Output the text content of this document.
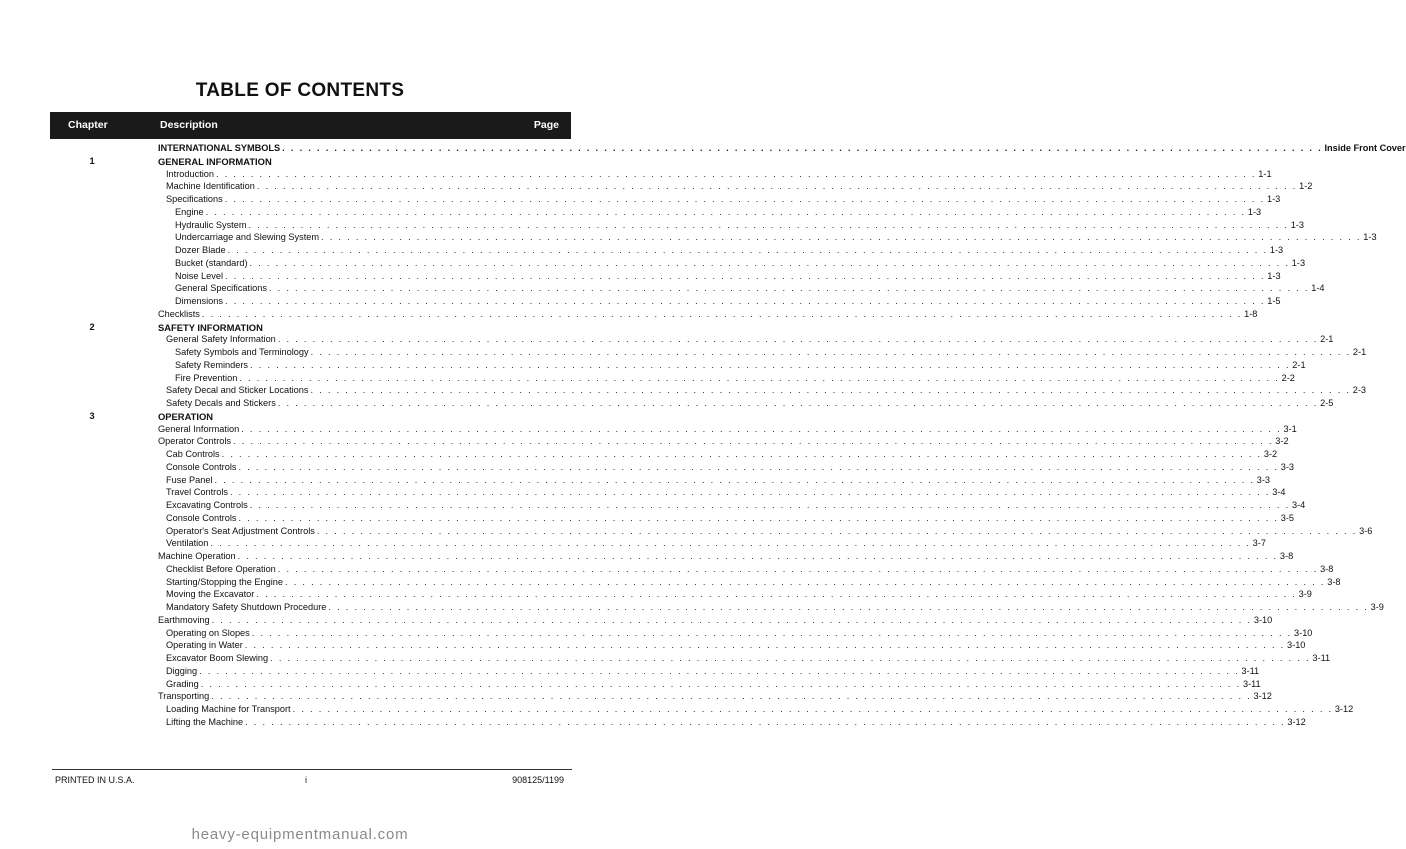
TABLE OF CONTENTS
Chapter	Description	Page
INTERNATIONAL SYMBOLS . . . . . . . . . . . . . . . . . . . . . . . . . . . . . . . . . . . . . . . . . . . . . . . . . . . . . . . . . . . . . . . . . . . . . . . . . . . . . . . . . . . . . . . . . . . . . . . . . . . . . . . . . . . . . . . . . . . . . . . . Inside Front Cover
1	GENERAL INFORMATION
Introduction . . . . . . . . . . . . . . . . . . . . . . . . . . . . . . . . . . . . . . . . . . . . . . . . . . . . . . . . . . . . . . . . . . . . . . . . . . . . . . . . . . . . . . . . . . . . . . . . . . . . . . . . . . . . . . . . . . . . . . . . 1-1
Machine Identification . . . . . . . . . . . . . . . . . . . . . . . . . . . . . . . . . . . . . . . . . . . . . . . . . . . . . . . . . . . . . . . . . . . . . . . . . . . . . . . . . . . . . . . . . . . . . . . . . . . . . . . . . . . . . . . . . . . . . . . . 1-2
Specifications . . . . . . . . . . . . . . . . . . . . . . . . . . . . . . . . . . . . . . . . . . . . . . . . . . . . . . . . . . . . . . . . . . . . . . . . . . . . . . . . . . . . . . . . . . . . . . . . . . . . . . . . . . . . . . . . . . . . . . . . 1-3
Engine . . . . . . . . . . . . . . . . . . . . . . . . . . . . . . . . . . . . . . . . . . . . . . . . . . . . . . . . . . . . . . . . . . . . . . . . . . . . . . . . . . . . . . . . . . . . . . . . . . . . . . . . . . . . . . . . . . . . . . . . 1-3
Hydraulic System . . . . . . . . . . . . . . . . . . . . . . . . . . . . . . . . . . . . . . . . . . . . . . . . . . . . . . . . . . . . . . . . . . . . . . . . . . . . . . . . . . . . . . . . . . . . . . . . . . . . . . . . . . . . . . . . . . . . . . . . 1-3
Undercarriage and Slewing System . . . . . . . . . . . . . . . . . . . . . . . . . . . . . . . . . . . . . . . . . . . . . . . . . . . . . . . . . . . . . . . . . . . . . . . . . . . . . . . . . . . . . . . . . . . . . . . . . . . . . . . . . . . . . . . . . . . . . . . . 1-3
Dozer Blade . . . . . . . . . . . . . . . . . . . . . . . . . . . . . . . . . . . . . . . . . . . . . . . . . . . . . . . . . . . . . . . . . . . . . . . . . . . . . . . . . . . . . . . . . . . . . . . . . . . . . . . . . . . . . . . . . . . . . . . . 1-3
Bucket (standard) . . . . . . . . . . . . . . . . . . . . . . . . . . . . . . . . . . . . . . . . . . . . . . . . . . . . . . . . . . . . . . . . . . . . . . . . . . . . . . . . . . . . . . . . . . . . . . . . . . . . . . . . . . . . . . . . . . . . . . . . 1-3
Noise Level . . . . . . . . . . . . . . . . . . . . . . . . . . . . . . . . . . . . . . . . . . . . . . . . . . . . . . . . . . . . . . . . . . . . . . . . . . . . . . . . . . . . . . . . . . . . . . . . . . . . . . . . . . . . . . . . . . . . . . . . 1-3
General Specifications . . . . . . . . . . . . . . . . . . . . . . . . . . . . . . . . . . . . . . . . . . . . . . . . . . . . . . . . . . . . . . . . . . . . . . . . . . . . . . . . . . . . . . . . . . . . . . . . . . . . . . . . . . . . . . . . . . . . . . . . 1-4
Dimensions . . . . . . . . . . . . . . . . . . . . . . . . . . . . . . . . . . . . . . . . . . . . . . . . . . . . . . . . . . . . . . . . . . . . . . . . . . . . . . . . . . . . . . . . . . . . . . . . . . . . . . . . . . . . . . . . . . . . . . . . 1-5
Checklists . . . . . . . . . . . . . . . . . . . . . . . . . . . . . . . . . . . . . . . . . . . . . . . . . . . . . . . . . . . . . . . . . . . . . . . . . . . . . . . . . . . . . . . . . . . . . . . . . . . . . . . . . . . . . . . . . . . . . . . . 1-8
2	SAFETY INFORMATION
General Safety Information . . . . . . . . . . . . . . . . . . . . . . . . . . . . . . . . . . . . . . . . . . . . . . . . . . . . . . . . . . . . . . . . . . . . . . . . . . . . . . . . . . . . . . . . . . . . . . . . . . . . . . . . . . . . . . . . . . . . . . . . 2-1
Safety Symbols and Terminology . . . . . . . . . . . . . . . . . . . . . . . . . . . . . . . . . . . . . . . . . . . . . . . . . . . . . . . . . . . . . . . . . . . . . . . . . . . . . . . . . . . . . . . . . . . . . . . . . . . . . . . . . . . . . . . . . . . . . . . . 2-1
Safety Reminders . . . . . . . . . . . . . . . . . . . . . . . . . . . . . . . . . . . . . . . . . . . . . . . . . . . . . . . . . . . . . . . . . . . . . . . . . . . . . . . . . . . . . . . . . . . . . . . . . . . . . . . . . . . . . . . . . . . . . . . . 2-1
Fire Prevention . . . . . . . . . . . . . . . . . . . . . . . . . . . . . . . . . . . . . . . . . . . . . . . . . . . . . . . . . . . . . . . . . . . . . . . . . . . . . . . . . . . . . . . . . . . . . . . . . . . . . . . . . . . . . . . . . . . . . . . . 2-2
Safety Decal and Sticker Locations . . . . . . . . . . . . . . . . . . . . . . . . . . . . . . . . . . . . . . . . . . . . . . . . . . . . . . . . . . . . . . . . . . . . . . . . . . . . . . . . . . . . . . . . . . . . . . . . . . . . . . . . . . . . . . . . . . . . . . . . 2-3
Safety Decals and Stickers . . . . . . . . . . . . . . . . . . . . . . . . . . . . . . . . . . . . . . . . . . . . . . . . . . . . . . . . . . . . . . . . . . . . . . . . . . . . . . . . . . . . . . . . . . . . . . . . . . . . . . . . . . . . . . . . . . . . . . . . 2-5
3	OPERATION
General Information . . . . . . . . . . . . . . . . . . . . . . . . . . . . . . . . . . . . . . . . . . . . . . . . . . . . . . . . . . . . . . . . . . . . . . . . . . . . . . . . . . . . . . . . . . . . . . . . . . . . . . . . . . . . . . . . . . . . . . . . 3-1
Operator Controls . . . . . . . . . . . . . . . . . . . . . . . . . . . . . . . . . . . . . . . . . . . . . . . . . . . . . . . . . . . . . . . . . . . . . . . . . . . . . . . . . . . . . . . . . . . . . . . . . . . . . . . . . . . . . . . . . . . . . . . . 3-2
Cab Controls . . . . . . . . . . . . . . . . . . . . . . . . . . . . . . . . . . . . . . . . . . . . . . . . . . . . . . . . . . . . . . . . . . . . . . . . . . . . . . . . . . . . . . . . . . . . . . . . . . . . . . . . . . . . . . . . . . . . . . . . 3-2
Console Controls . . . . . . . . . . . . . . . . . . . . . . . . . . . . . . . . . . . . . . . . . . . . . . . . . . . . . . . . . . . . . . . . . . . . . . . . . . . . . . . . . . . . . . . . . . . . . . . . . . . . . . . . . . . . . . . . . . . . . . . . 3-3
Fuse Panel . . . . . . . . . . . . . . . . . . . . . . . . . . . . . . . . . . . . . . . . . . . . . . . . . . . . . . . . . . . . . . . . . . . . . . . . . . . . . . . . . . . . . . . . . . . . . . . . . . . . . . . . . . . . . . . . . . . . . . . . 3-3
Travel Controls . . . . . . . . . . . . . . . . . . . . . . . . . . . . . . . . . . . . . . . . . . . . . . . . . . . . . . . . . . . . . . . . . . . . . . . . . . . . . . . . . . . . . . . . . . . . . . . . . . . . . . . . . . . . . . . . . . . . . . . . 3-4
Excavating Controls . . . . . . . . . . . . . . . . . . . . . . . . . . . . . . . . . . . . . . . . . . . . . . . . . . . . . . . . . . . . . . . . . . . . . . . . . . . . . . . . . . . . . . . . . . . . . . . . . . . . . . . . . . . . . . . . . . . . . . . . 3-4
Console Controls . . . . . . . . . . . . . . . . . . . . . . . . . . . . . . . . . . . . . . . . . . . . . . . . . . . . . . . . . . . . . . . . . . . . . . . . . . . . . . . . . . . . . . . . . . . . . . . . . . . . . . . . . . . . . . . . . . . . . . . . 3-5
Operator's Seat Adjustment Controls . . . . . . . . . . . . . . . . . . . . . . . . . . . . . . . . . . . . . . . . . . . . . . . . . . . . . . . . . . . . . . . . . . . . . . . . . . . . . . . . . . . . . . . . . . . . . . . . . . . . . . . . . . . . . . . . . . . . . . . . 3-6
Ventilation . . . . . . . . . . . . . . . . . . . . . . . . . . . . . . . . . . . . . . . . . . . . . . . . . . . . . . . . . . . . . . . . . . . . . . . . . . . . . . . . . . . . . . . . . . . . . . . . . . . . . . . . . . . . . . . . . . . . . . . . 3-7
Machine Operation . . . . . . . . . . . . . . . . . . . . . . . . . . . . . . . . . . . . . . . . . . . . . . . . . . . . . . . . . . . . . . . . . . . . . . . . . . . . . . . . . . . . . . . . . . . . . . . . . . . . . . . . . . . . . . . . . . . . . . . . 3-8
Checklist Before Operation . . . . . . . . . . . . . . . . . . . . . . . . . . . . . . . . . . . . . . . . . . . . . . . . . . . . . . . . . . . . . . . . . . . . . . . . . . . . . . . . . . . . . . . . . . . . . . . . . . . . . . . . . . . . . . . . . . . . . . . . 3-8
Starting/Stopping the Engine . . . . . . . . . . . . . . . . . . . . . . . . . . . . . . . . . . . . . . . . . . . . . . . . . . . . . . . . . . . . . . . . . . . . . . . . . . . . . . . . . . . . . . . . . . . . . . . . . . . . . . . . . . . . . . . . . . . . . . . . 3-8
Moving the Excavator . . . . . . . . . . . . . . . . . . . . . . . . . . . . . . . . . . . . . . . . . . . . . . . . . . . . . . . . . . . . . . . . . . . . . . . . . . . . . . . . . . . . . . . . . . . . . . . . . . . . . . . . . . . . . . . . . . . . . . . . 3-9
Mandatory Safety Shutdown Procedure . . . . . . . . . . . . . . . . . . . . . . . . . . . . . . . . . . . . . . . . . . . . . . . . . . . . . . . . . . . . . . . . . . . . . . . . . . . . . . . . . . . . . . . . . . . . . . . . . . . . . . . . . . . . . . . . . . . . . . . . 3-9
Earthmoving . . . . . . . . . . . . . . . . . . . . . . . . . . . . . . . . . . . . . . . . . . . . . . . . . . . . . . . . . . . . . . . . . . . . . . . . . . . . . . . . . . . . . . . . . . . . . . . . . . . . . . . . . . . . . . . . . . . . . . . . 3-10
Operating on Slopes . . . . . . . . . . . . . . . . . . . . . . . . . . . . . . . . . . . . . . . . . . . . . . . . . . . . . . . . . . . . . . . . . . . . . . . . . . . . . . . . . . . . . . . . . . . . . . . . . . . . . . . . . . . . . . . . . . . . . . . . 3-10
Operating in Water . . . . . . . . . . . . . . . . . . . . . . . . . . . . . . . . . . . . . . . . . . . . . . . . . . . . . . . . . . . . . . . . . . . . . . . . . . . . . . . . . . . . . . . . . . . . . . . . . . . . . . . . . . . . . . . . . . . . . . . . 3-10
Excavator Boom Slewing . . . . . . . . . . . . . . . . . . . . . . . . . . . . . . . . . . . . . . . . . . . . . . . . . . . . . . . . . . . . . . . . . . . . . . . . . . . . . . . . . . . . . . . . . . . . . . . . . . . . . . . . . . . . . . . . . . . . . . . . 3-11
Digging . . . . . . . . . . . . . . . . . . . . . . . . . . . . . . . . . . . . . . . . . . . . . . . . . . . . . . . . . . . . . . . . . . . . . . . . . . . . . . . . . . . . . . . . . . . . . . . . . . . . . . . . . . . . . . . . . . . . . . . . 3-11
Grading . . . . . . . . . . . . . . . . . . . . . . . . . . . . . . . . . . . . . . . . . . . . . . . . . . . . . . . . . . . . . . . . . . . . . . . . . . . . . . . . . . . . . . . . . . . . . . . . . . . . . . . . . . . . . . . . . . . . . . . . 3-11
Transporting . . . . . . . . . . . . . . . . . . . . . . . . . . . . . . . . . . . . . . . . . . . . . . . . . . . . . . . . . . . . . . . . . . . . . . . . . . . . . . . . . . . . . . . . . . . . . . . . . . . . . . . . . . . . . . . . . . . . . . . . 3-12
Loading Machine for Transport . . . . . . . . . . . . . . . . . . . . . . . . . . . . . . . . . . . . . . . . . . . . . . . . . . . . . . . . . . . . . . . . . . . . . . . . . . . . . . . . . . . . . . . . . . . . . . . . . . . . . . . . . . . . . . . . . . . . . . . . 3-12
Lifting the Machine . . . . . . . . . . . . . . . . . . . . . . . . . . . . . . . . . . . . . . . . . . . . . . . . . . . . . . . . . . . . . . . . . . . . . . . . . . . . . . . . . . . . . . . . . . . . . . . . . . . . . . . . . . . . . . . . . . . . . . . . 3-12
PRINTED IN U.S.A.	i	908125/1199
heavy-equipmentmanual.com
